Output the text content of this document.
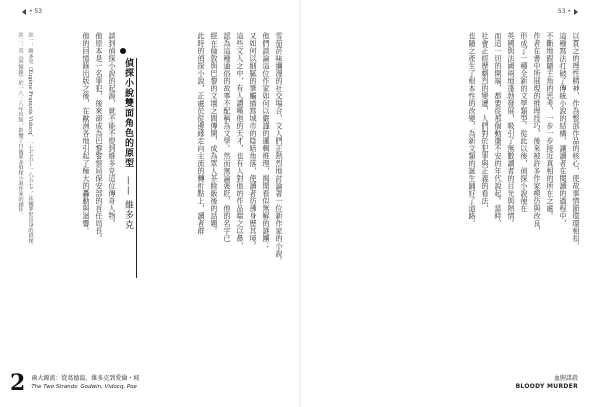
• 53
雪茄菸味瀰漫的社交場合，文人們正熱烈地討論著一位新作家的小說。
他們談論這位作家如何以嚴謹的邏輯推理，揭開看似無解的謎團；
又如何以細膩的筆觸描寫城市的陰暗角落，使讀者彷彿身歷其境。
這些文人之中，有人讚嘆他的天才，也有人對他的作品嗤之以鼻，
認為這種通俗的故事不配稱為文學。然而無論褒貶，他的名字已
經在倫敦與巴黎的文壇之間傳開，成為眾人茶餘飯後的話題。
此時的偵探小說，正處於從邊緣走向主流的轉折點上，讀者群
偵探小說雙面角色的原型—— 維多克
談到偵探小說的起源，就不能不提到維多克這位傳奇人物。
他原本是一名罪犯，後來卻成為巴黎警察局保安部的首任局長。
他的回憶錄出版之後，在歐洲各地引起了極大的轟動與迴響。
註一：維多克（Eugène François Vidocq，一七七五—一八五七），法國罪犯出身的偵探。
註二：其《回憶錄》於一八二八年出版，影響了日後眾多偵探小說作家的創作。
2 兩大源流：從葛德溫、維多克到愛倫・坡
The Two Strands: Godwin, Vidocq, Poe
53 •
以貫之的理性精神，作為整部作品的核心，使故事情節環環相扣。
這種寫法打破了傳統小說的結構，讓讀者在閱讀的過程中，
不斷地跟隨主角的思考，一步一步接近真相的所在之處。
作者在書中所展現的推理技巧，後來被許多作家模仿與改良，
形成了一種全新的文學類型。從此以後，偵探小說便在
英國與法國兩地蓬勃發展，吸引了無數讀者的目光與熱情。
而這一切的開端，都要從那個動盪不安的年代說起。當時，
社會正經歷劇烈的變遷，人們對於犯罪與正義的看法，
也隨之產生了根本性的改變，為新文類的誕生鋪好了道路。
血腥謀殺
BLOODY MURDER
